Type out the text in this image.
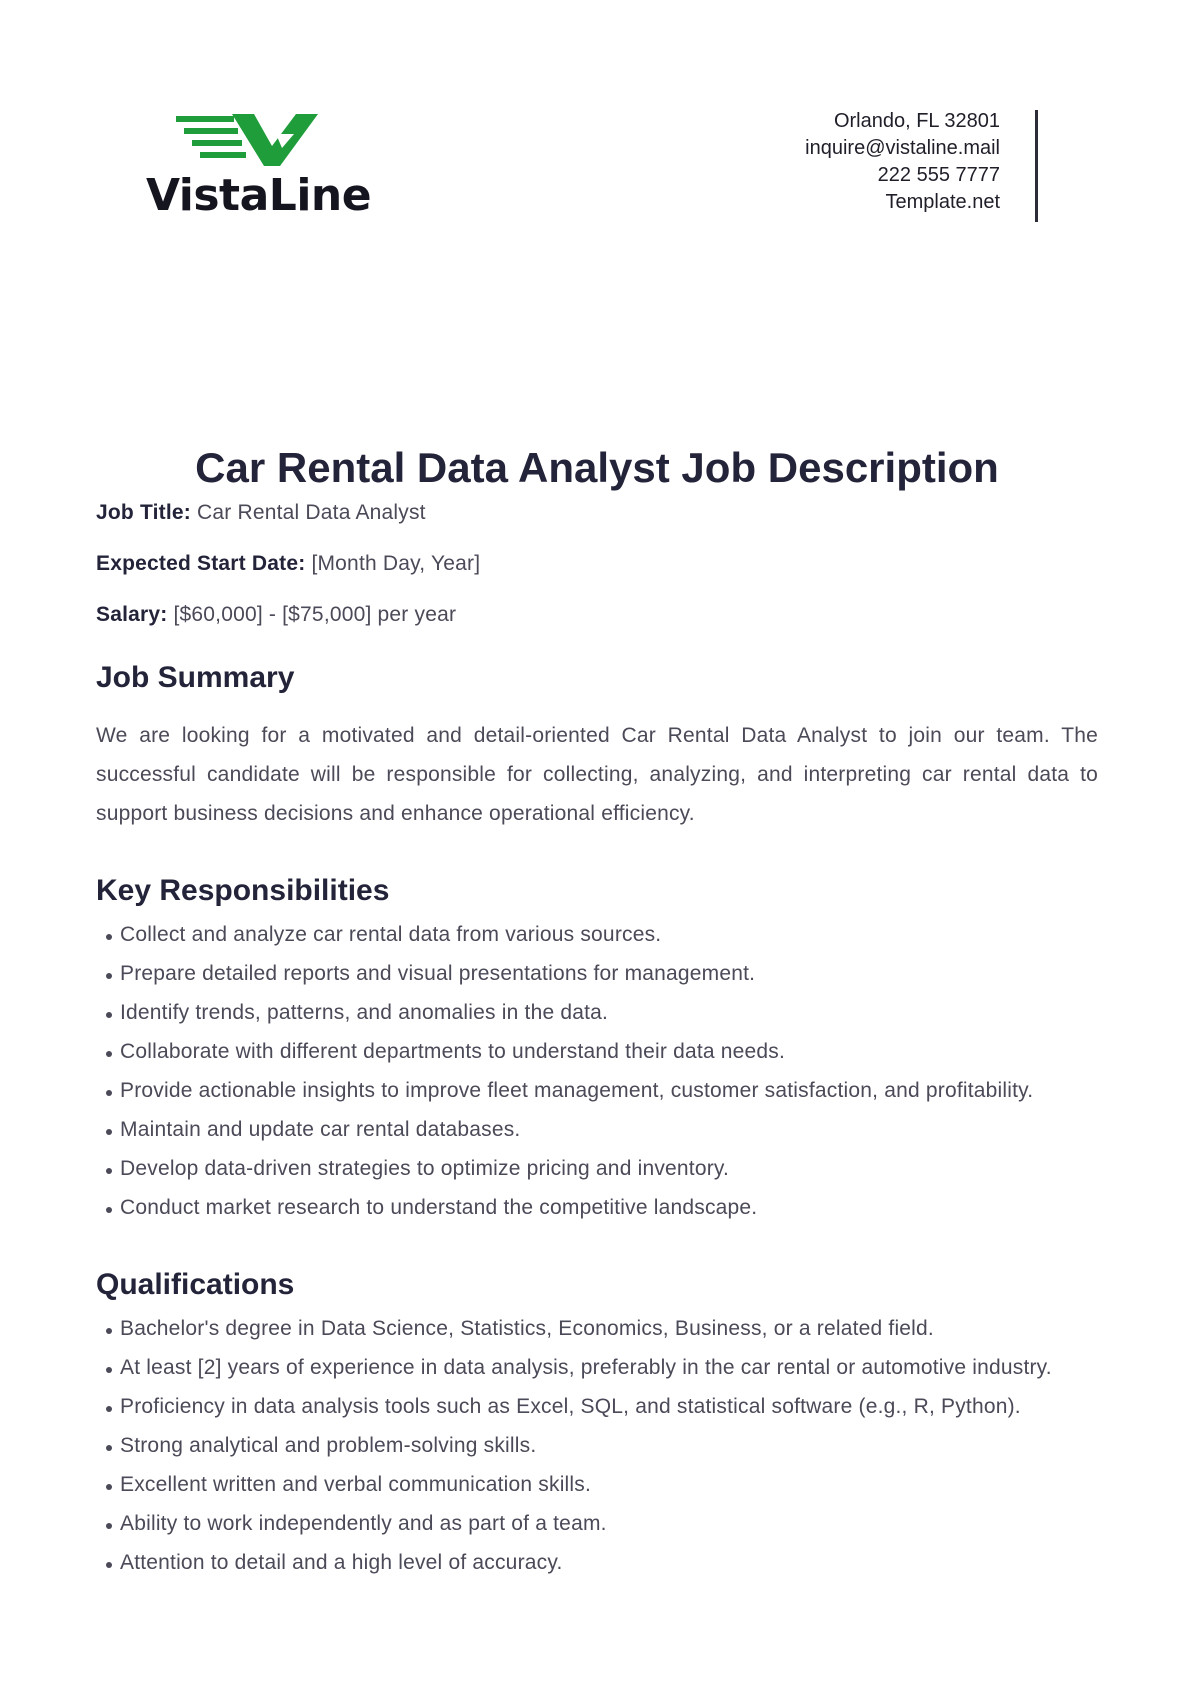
VistaLine
Orlando, FL 32801
inquire@vistaline.mail
222 555 7777
Template.net
Car Rental Data Analyst Job Description

Job Title: Car Rental Data Analyst

Expected Start Date: [Month Day, Year]

Salary: [$60,000] - [$75,000] per year

Job Summary

We are looking for a motivated and detail-oriented Car Rental Data Analyst to join our team. The successful candidate will be responsible for collecting, analyzing, and interpreting car rental data to support business decisions and enhance operational efficiency.

Key Responsibilities
Collect and analyze car rental data from various sources.
Prepare detailed reports and visual presentations for management.
Identify trends, patterns, and anomalies in the data.
Collaborate with different departments to understand their data needs.
Provide actionable insights to improve fleet management, customer satisfaction, and profitability.
Maintain and update car rental databases.
Develop data-driven strategies to optimize pricing and inventory.
Conduct market research to understand the competitive landscape.
Qualifications
Bachelor's degree in Data Science, Statistics, Economics, Business, or a related field.
At least [2] years of experience in data analysis, preferably in the car rental or automotive industry.
Proficiency in data analysis tools such as Excel, SQL, and statistical software (e.g., R, Python).
Strong analytical and problem-solving skills.
Excellent written and verbal communication skills.
Ability to work independently and as part of a team.
Attention to detail and a high level of accuracy.
